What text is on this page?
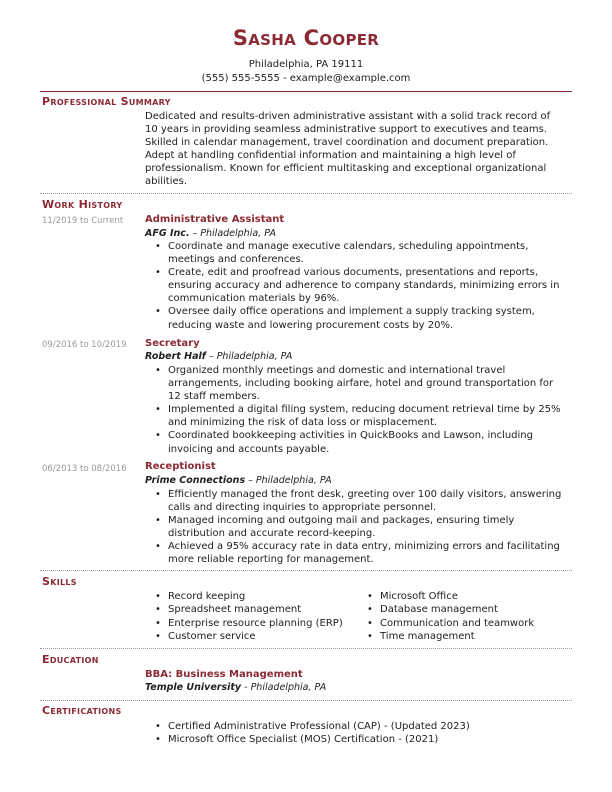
Sasha Cooper
Philadelphia, PA 19111
(555) 555-5555 - example@example.com
Professional Summary
Dedicated and results-driven administrative assistant with a solid track record of
10 years in providing seamless administrative support to executives and teams.
Skilled in calendar management, travel coordination and document preparation.
Adept at handling confidential information and maintaining a high level of
professionalism. Known for efficient multitasking and exceptional organizational
abilities.
Work History
11/2019 to Current Administrative Assistant
AFG Inc. – Philadelphia, PA
• Coordinate and manage executive calendars, scheduling appointments,
meetings and conferences.
• Create, edit and proofread various documents, presentations and reports,
ensuring accuracy and adherence to company standards, minimizing errors in
communication materials by 96%.
• Oversee daily office operations and implement a supply tracking system,
reducing waste and lowering procurement costs by 20%.
09/2016 to 10/2019 Secretary
Robert Half – Philadelphia, PA
• Organized monthly meetings and domestic and international travel
arrangements, including booking airfare, hotel and ground transportation for
12 staff members.
• Implemented a digital filing system, reducing document retrieval time by 25%
and minimizing the risk of data loss or misplacement.
• Coordinated bookkeeping activities in QuickBooks and Lawson, including
invoicing and accounts payable.
06/2013 to 08/2016 Receptionist
Prime Connections – Philadelphia, PA
• Efficiently managed the front desk, greeting over 100 daily visitors, answering
calls and directing inquiries to appropriate personnel.
• Managed incoming and outgoing mail and packages, ensuring timely
distribution and accurate record-keeping.
• Achieved a 95% accuracy rate in data entry, minimizing errors and facilitating
more reliable reporting for management.
Skills
• Record keeping
• Spreadsheet management
• Enterprise resource planning (ERP)
• Customer service
• Microsoft Office
• Database management
• Communication and teamwork
• Time management
Education
BBA: Business Management
Temple University - Philadelphia, PA
Certifications
• Certified Administrative Professional (CAP) - (Updated 2023)
• Microsoft Office Specialist (MOS) Certification - (2021)
